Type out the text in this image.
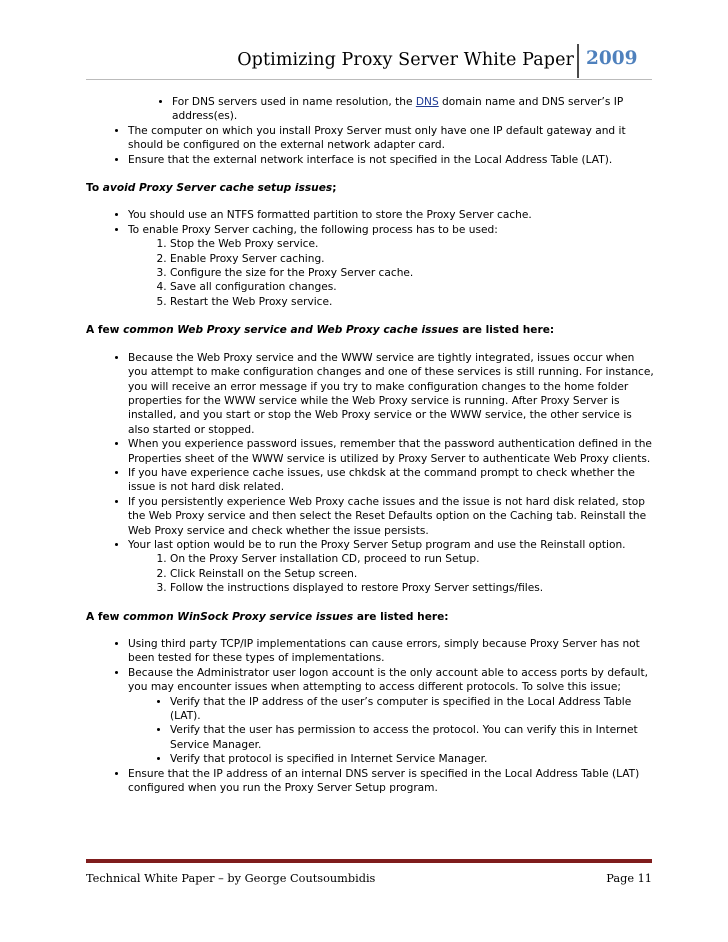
Optimizing Proxy Server White Paper 2009
• For DNS servers used in name resolution, the DNS domain name and DNS server’s IP address(es).
• The computer on which you install Proxy Server must only have one IP default gateway and it should be configured on the external network adapter card.
• Ensure that the external network interface is not specified in the Local Address Table (LAT).
To avoid Proxy Server cache setup issues;
• You should use an NTFS formatted partition to store the Proxy Server cache.
• To enable Proxy Server caching, the following process has to be used:
1. Stop the Web Proxy service.
2. Enable Proxy Server caching.
3. Configure the size for the Proxy Server cache.
4. Save all configuration changes.
5. Restart the Web Proxy service.
A few common Web Proxy service and Web Proxy cache issues are listed here:
• Because the Web Proxy service and the WWW service are tightly integrated, issues occur when you attempt to make configuration changes and one of these services is still running. For instance, you will receive an error message if you try to make configuration changes to the home folder properties for the WWW service while the Web Proxy service is running. After Proxy Server is installed, and you start or stop the Web Proxy service or the WWW service, the other service is also started or stopped.
• When you experience password issues, remember that the password authentication defined in the Properties sheet of the WWW service is utilized by Proxy Server to authenticate Web Proxy clients.
• If you have experience cache issues, use chkdsk at the command prompt to check whether the issue is not hard disk related.
• If you persistently experience Web Proxy cache issues and the issue is not hard disk related, stop the Web Proxy service and then select the Reset Defaults option on the Caching tab. Reinstall the Web Proxy service and check whether the issue persists.
• Your last option would be to run the Proxy Server Setup program and use the Reinstall option.
1. On the Proxy Server installation CD, proceed to run Setup.
2. Click Reinstall on the Setup screen.
3. Follow the instructions displayed to restore Proxy Server settings/files.
A few common WinSock Proxy service issues are listed here:
• Using third party TCP/IP implementations can cause errors, simply because Proxy Server has not been tested for these types of implementations.
• Because the Administrator user logon account is the only account able to access ports by default, you may encounter issues when attempting to access different protocols. To solve this issue;
• Verify that the IP address of the user’s computer is specified in the Local Address Table (LAT).
• Verify that the user has permission to access the protocol. You can verify this in Internet Service Manager.
• Verify that protocol is specified in Internet Service Manager.
• Ensure that the IP address of an internal DNS server is specified in the Local Address Table (LAT) configured when you run the Proxy Server Setup program.
Technical White Paper – by George Coutsoumbidis	Page 11
